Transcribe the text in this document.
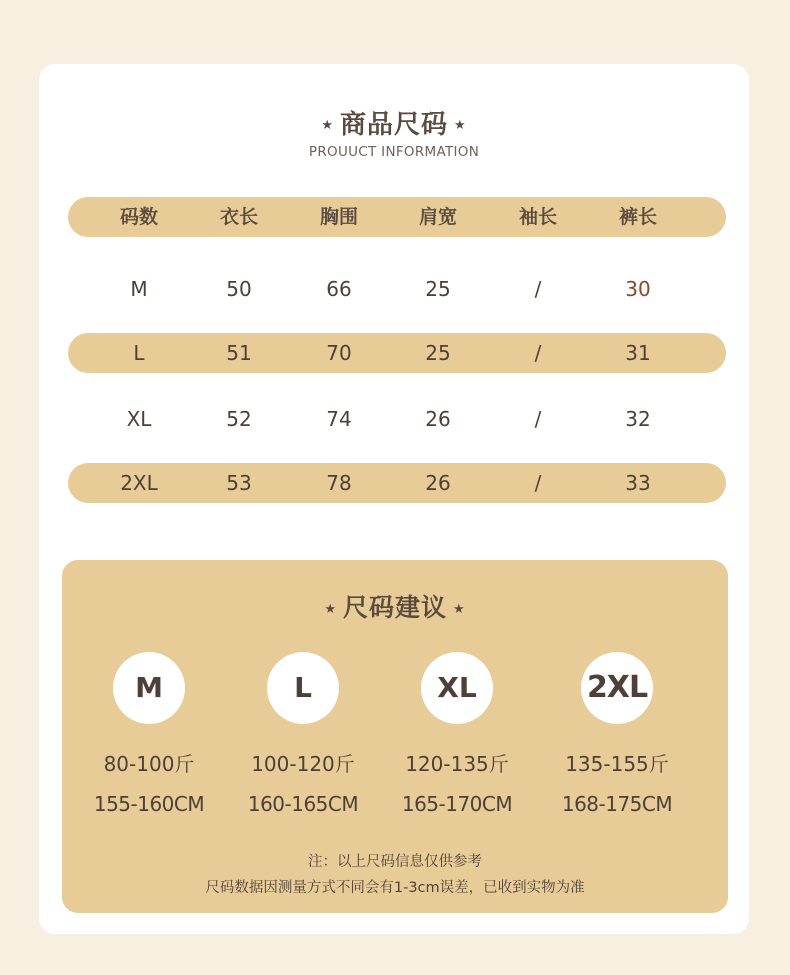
★ 商品尺码 ★
PROUUCT INFORMATION
码数	衣长	胸围	肩宽	袖长	裤长
M	50	66	25	/	30
L	51	70	25	/	31
XL	52	74	26	/	32
2XL	53	78	26	/	33
★ 尺码建议 ★
M	L	XL	2XL
80-100斤	100-120斤	120-135斤	135-155斤
155-160CM	160-165CM	165-170CM	168-175CM
注：以上尺码信息仅供参考
尺码数据因测量方式不同会有1-3cm误差，已收到实物为准
